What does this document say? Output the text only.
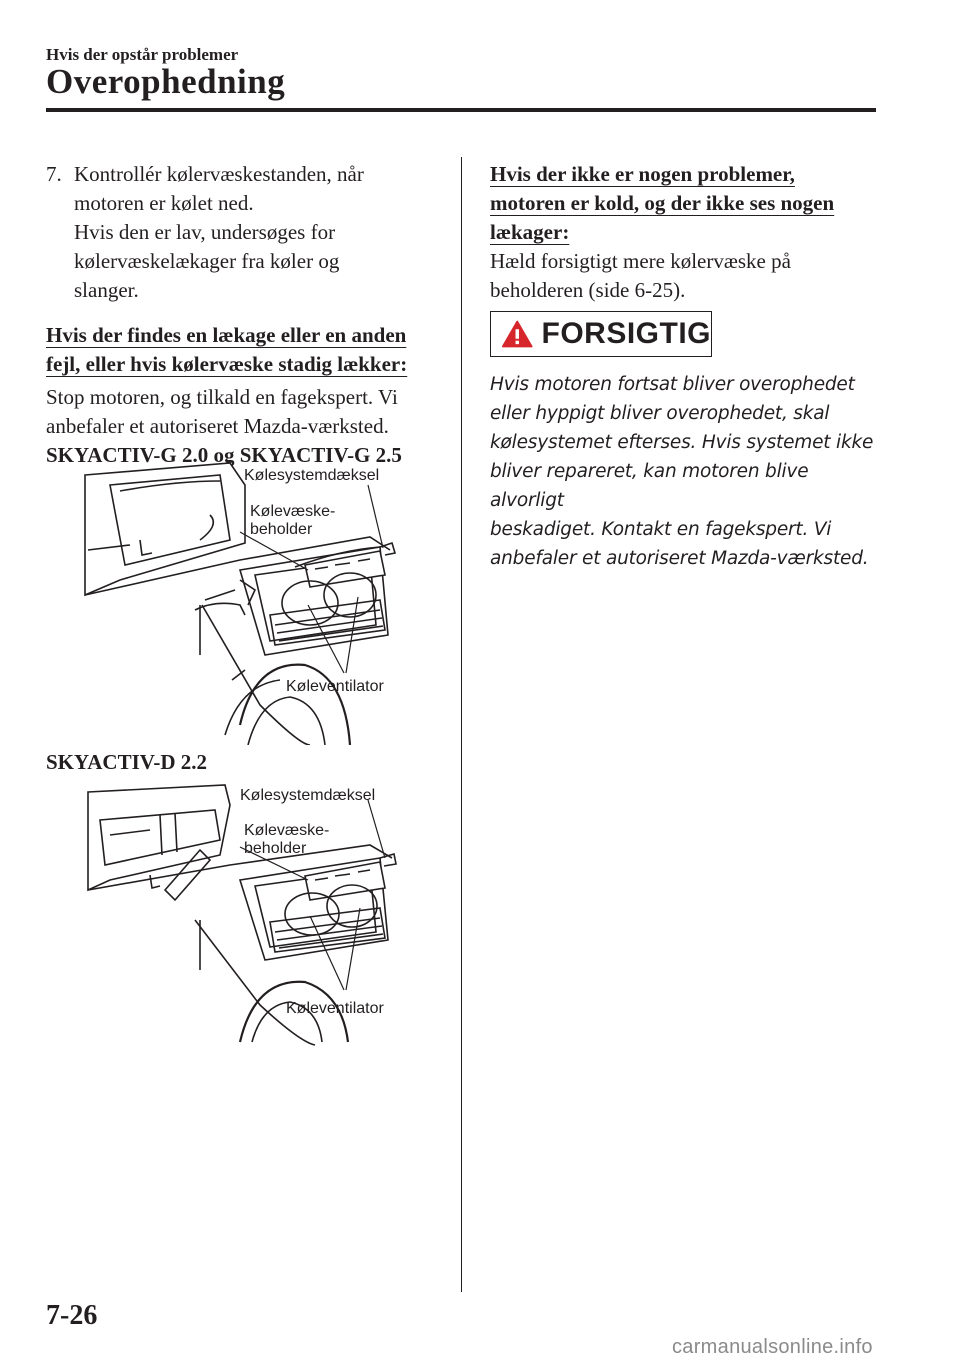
Hvis der opstår problemer
Overophedning
7. Kontrollér kølervæskestanden, når
motoren er kølet ned.
Hvis den er lav, undersøges for
kølervæskelækager fra køler og
slanger.
Hvis der findes en lækage eller en anden
fejl, eller hvis kølervæske stadig lækker:
Stop motoren, og tilkald en fagekspert. Vi
anbefaler et autoriseret Mazda-værksted.
SKYACTIV-G 2.0 og SKYACTIV-G 2.5
Kølesystemdæksel
Kølevæske-
beholder
Køleventilator
SKYACTIV-D 2.2
Kølesystemdæksel
Kølevæske-
beholder
Køleventilator
Hvis der ikke er nogen problemer,
motoren er kold, og der ikke ses nogen
lækager:
Hæld forsigtigt mere kølervæske på
beholderen (side 6-25).
FORSIGTIG
Hvis motoren fortsat bliver overophedet
eller hyppigt bliver overophedet, skal
kølesystemet efterses. Hvis systemet ikke
bliver repareret, kan motoren blive alvorligt
beskadiget. Kontakt en fagekspert. Vi
anbefaler et autoriseret Mazda-værksted.
7-26
carmanualsonline.info
